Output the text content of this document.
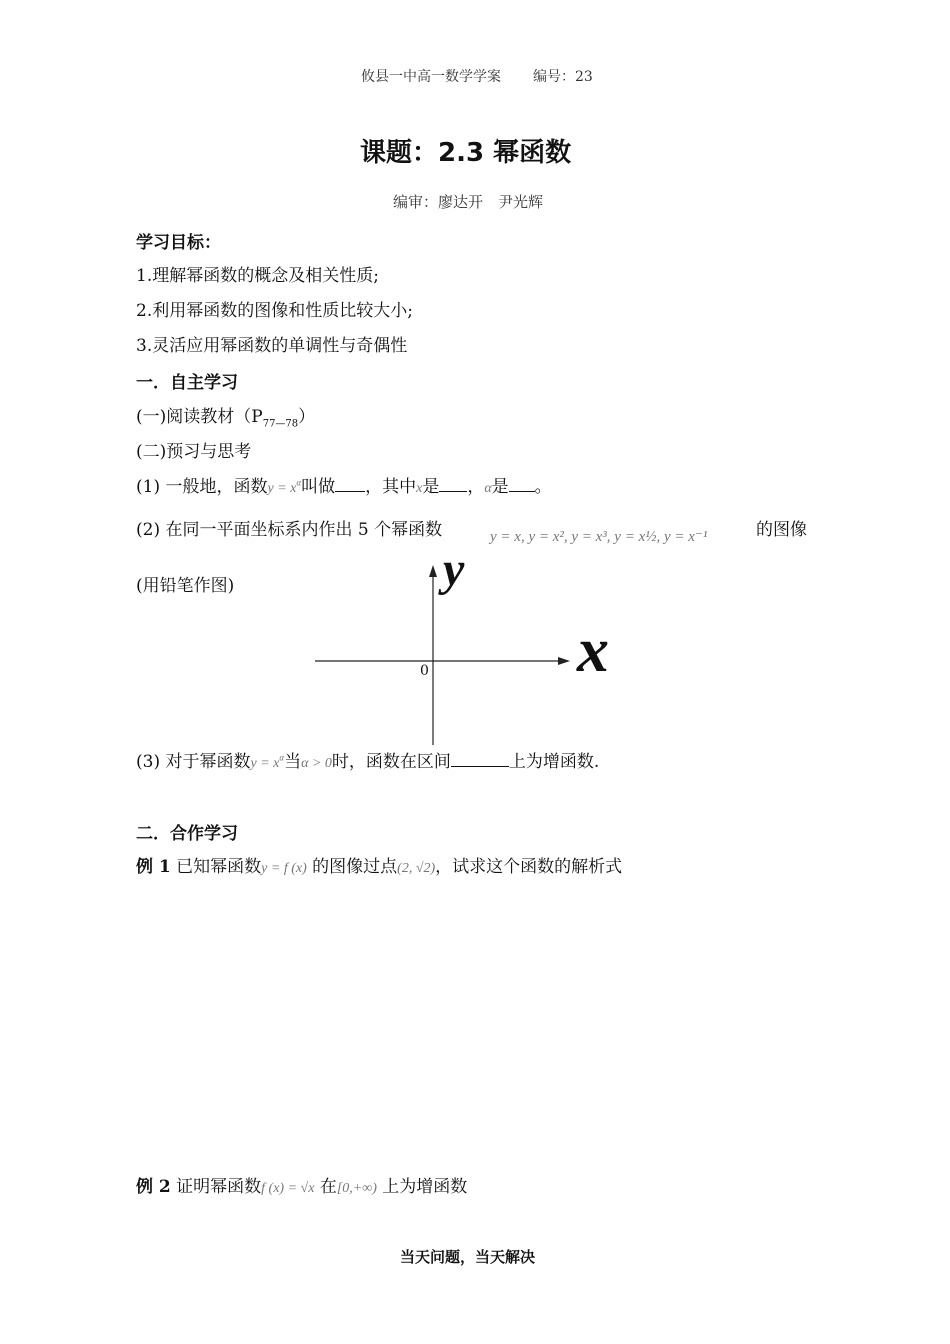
攸县一中高一数学学案 编号：23
课题：2.3 幂函数
编审：廖达开　尹光辉
学习目标：
1.理解幂函数的概念及相关性质;
2.利用幂函数的图像和性质比较大小;
3.灵活应用幂函数的单调性与奇偶性
一．自主学习
(一)阅读教材$(P_{77—78})$
(二)预习与思考
(1) 一般地，函数$y = x^\alpha$叫做 ，其中x是 ，α是 。
(2) 在同一平面坐标系内作出 5 个幂函数	y = x, y = x², y = x³, y = x½, y = x⁻¹	的图像
(用铅笔作图)	y
x
0
(3) 对于幂函数$y = x^\alpha$当α > 0时，函数在区间	上为增函数.
二．合作学习
例 1 已知幂函数y = f (x) 的图像过点(2, √2)，试求这个函数的解析式
例 2 证明幂函数f (x) = √x 在[0,+∞) 上为增函数
当天问题，当天解决
